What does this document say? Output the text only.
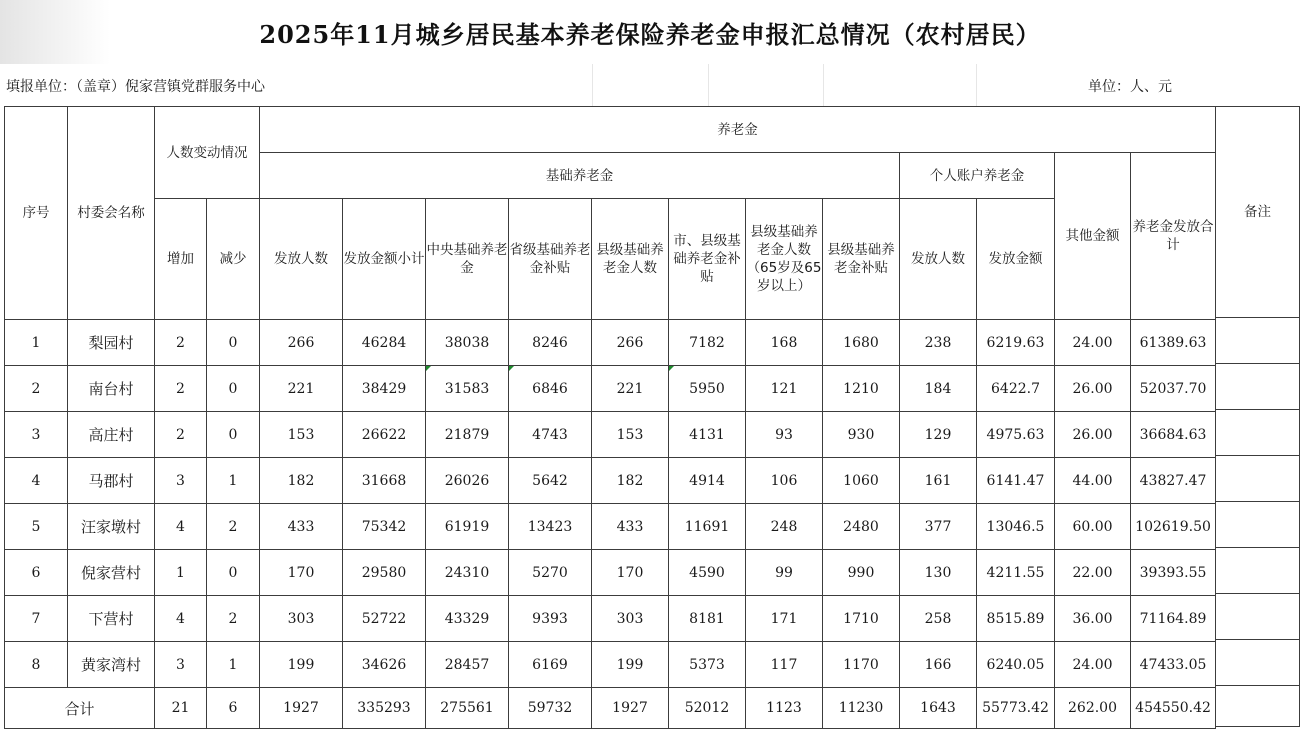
2025年11月城乡居民基本养老保险养老金申报汇总情况（农村居民）
填报单位：（盖章）倪家营镇党群服务中心	单位：人、元
序号	村委会名称	人数变动情况		养老金											
				基础养老金								个人账户养老金		其他金额	养老金发放合计
		增加	减少	发放人数	发放金额小计	中央基础养老金	省级基础养老金补贴	县级基础养老金人数	市、县级基础养老金补贴	县级基础养老金人数（65岁及65岁以上）	县级基础养老金补贴	发放人数	发放金额		
1	梨园村	2	0	266	46284	38038	8246	266	7182	168	1680	238	6219.63	24.00	61389.63
2	南台村	2	0	221	38429	31583	6846	221	5950	121	1210	184	6422.7	26.00	52037.70
3	高庄村	2	0	153	26622	21879	4743	153	4131	93	930	129	4975.63	26.00	36684.63
4	马郡村	3	1	182	31668	26026	5642	182	4914	106	1060	161	6141.47	44.00	43827.47
5	汪家墩村	4	2	433	75342	61919	13423	433	11691	248	2480	377	13046.5	60.00	102619.50
6	倪家营村	1	0	170	29580	24310	5270	170	4590	99	990	130	4211.55	22.00	39393.55
7	下营村	4	2	303	52722	43329	9393	303	8181	171	1710	258	8515.89	36.00	71164.89
8	黄家湾村	3	1	199	34626	28457	6169	199	5373	117	1170	166	6240.05	24.00	47433.05
合计		21	6	1927	335293	275561	59732	1927	52012	1123	11230	1643	55773.42	262.00	454550.42
备注
